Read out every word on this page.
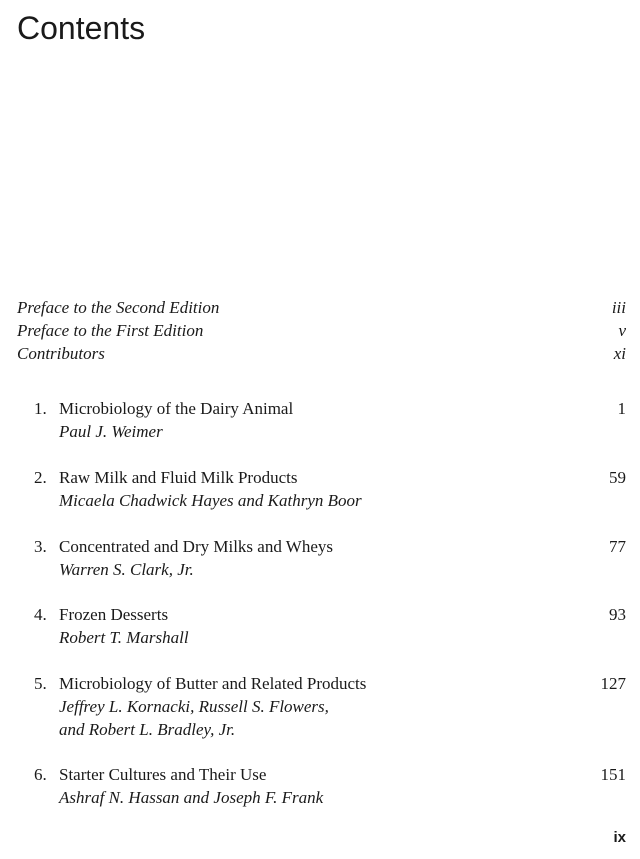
Contents
Preface to the Second Edition	iii
Preface to the First Edition	v
Contributors	xi
1. Microbiology of the Dairy Animal	1
Paul J. Weimer
2. Raw Milk and Fluid Milk Products	59
Micaela Chadwick Hayes and Kathryn Boor
3. Concentrated and Dry Milks and Wheys	77
Warren S. Clark, Jr.
4. Frozen Desserts	93
Robert T. Marshall
5. Microbiology of Butter and Related Products	127
Jeffrey L. Kornacki, Russell S. Flowers,
and Robert L. Bradley, Jr.
6. Starter Cultures and Their Use	151
Ashraf N. Hassan and Joseph F. Frank
ix
